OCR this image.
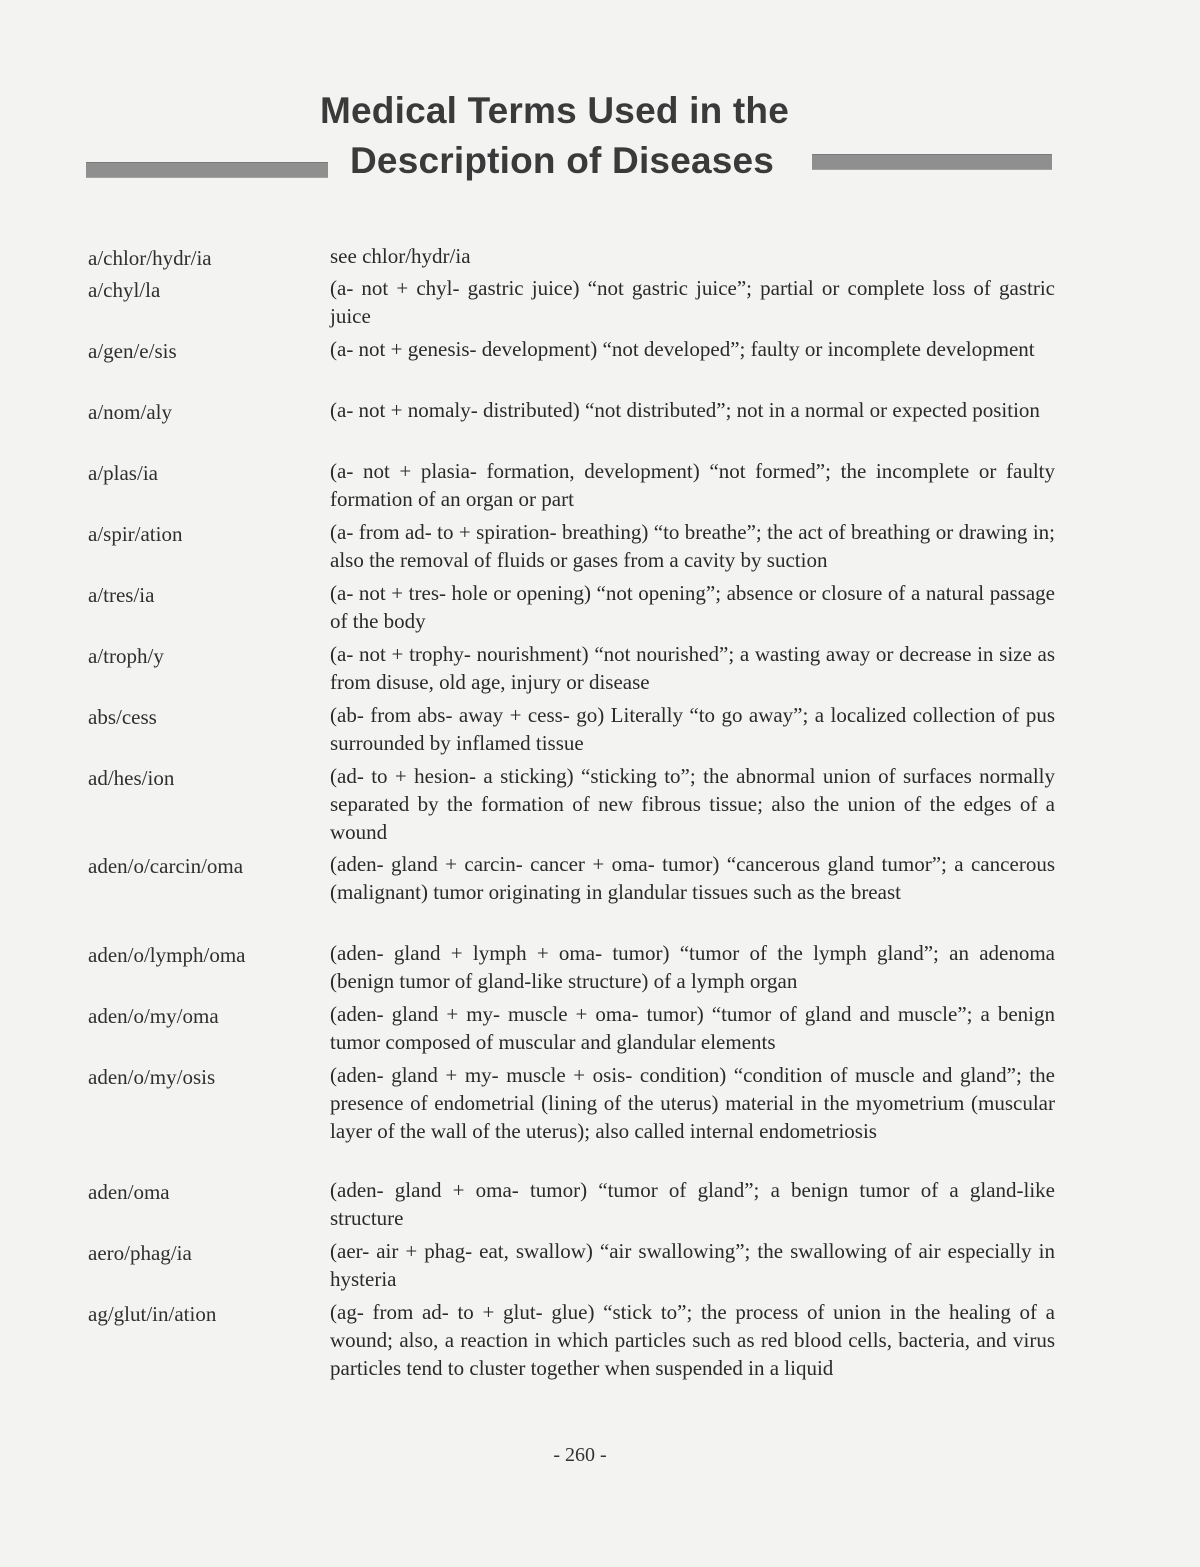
Medical Terms Used in the
Description of Diseases
a/chlor/hydr/ia	see chlor/hydr/ia
a/chyl/la	(a- not + chyl- gastric juice) “not gastric juice”; partial or complete loss of gastric juice
a/gen/e/sis	(a- not + genesis- development) “not developed”; faulty or incomplete development
a/nom/aly	(a- not + nomaly- distributed) “not distributed”; not in a normal or expected position
a/plas/ia	(a- not + plasia- formation, development) “not formed”; the incomplete or faulty formation of an organ or part
a/spir/ation	(a- from ad- to + spiration- breathing) “to breathe”; the act of breathing or drawing in; also the removal of fluids or gases from a cavity by suction
a/tres/ia	(a- not + tres- hole or opening) “not opening”; absence or closure of a natural passage of the body
a/troph/y	(a- not + trophy- nourishment) “not nourished”; a wasting away or decrease in size as from disuse, old age, injury or disease
abs/cess	(ab- from abs- away + cess- go) Literally “to go away”; a localized collection of pus surrounded by inflamed tissue
ad/hes/ion	(ad- to + hesion- a sticking) “sticking to”; the abnormal union of surfaces normally separated by the formation of new fibrous tissue; also the union of the edges of a wound
aden/o/carcin/oma	(aden- gland + carcin- cancer + oma- tumor) “cancerous gland tumor”; a cancerous (malignant) tumor originating in glandular tissues such as the breast
aden/o/lymph/oma	(aden- gland + lymph + oma- tumor) “tumor of the lymph gland”; an adenoma (benign tumor of gland-like structure) of a lymph organ
aden/o/my/oma	(aden- gland + my- muscle + oma- tumor) “tumor of gland and muscle”; a benign tumor composed of muscular and glandular elements
aden/o/my/osis	(aden- gland + my- muscle + osis- condition) “condition of muscle and gland”; the presence of endometrial (lining of the uterus) material in the myometrium (muscular layer of the wall of the uterus); also called internal endometriosis
aden/oma	(aden- gland + oma- tumor) “tumor of gland”; a benign tumor of a gland-like structure
aero/phag/ia	(aer- air + phag- eat, swallow) “air swallowing”; the swallowing of air especially in hysteria
ag/glut/in/ation	(ag- from ad- to + glut- glue) “stick to”; the process of union in the healing of a wound; also, a reaction in which particles such as red blood cells, bacteria, and virus particles tend to cluster together when suspended in a liquid
- 260 -
